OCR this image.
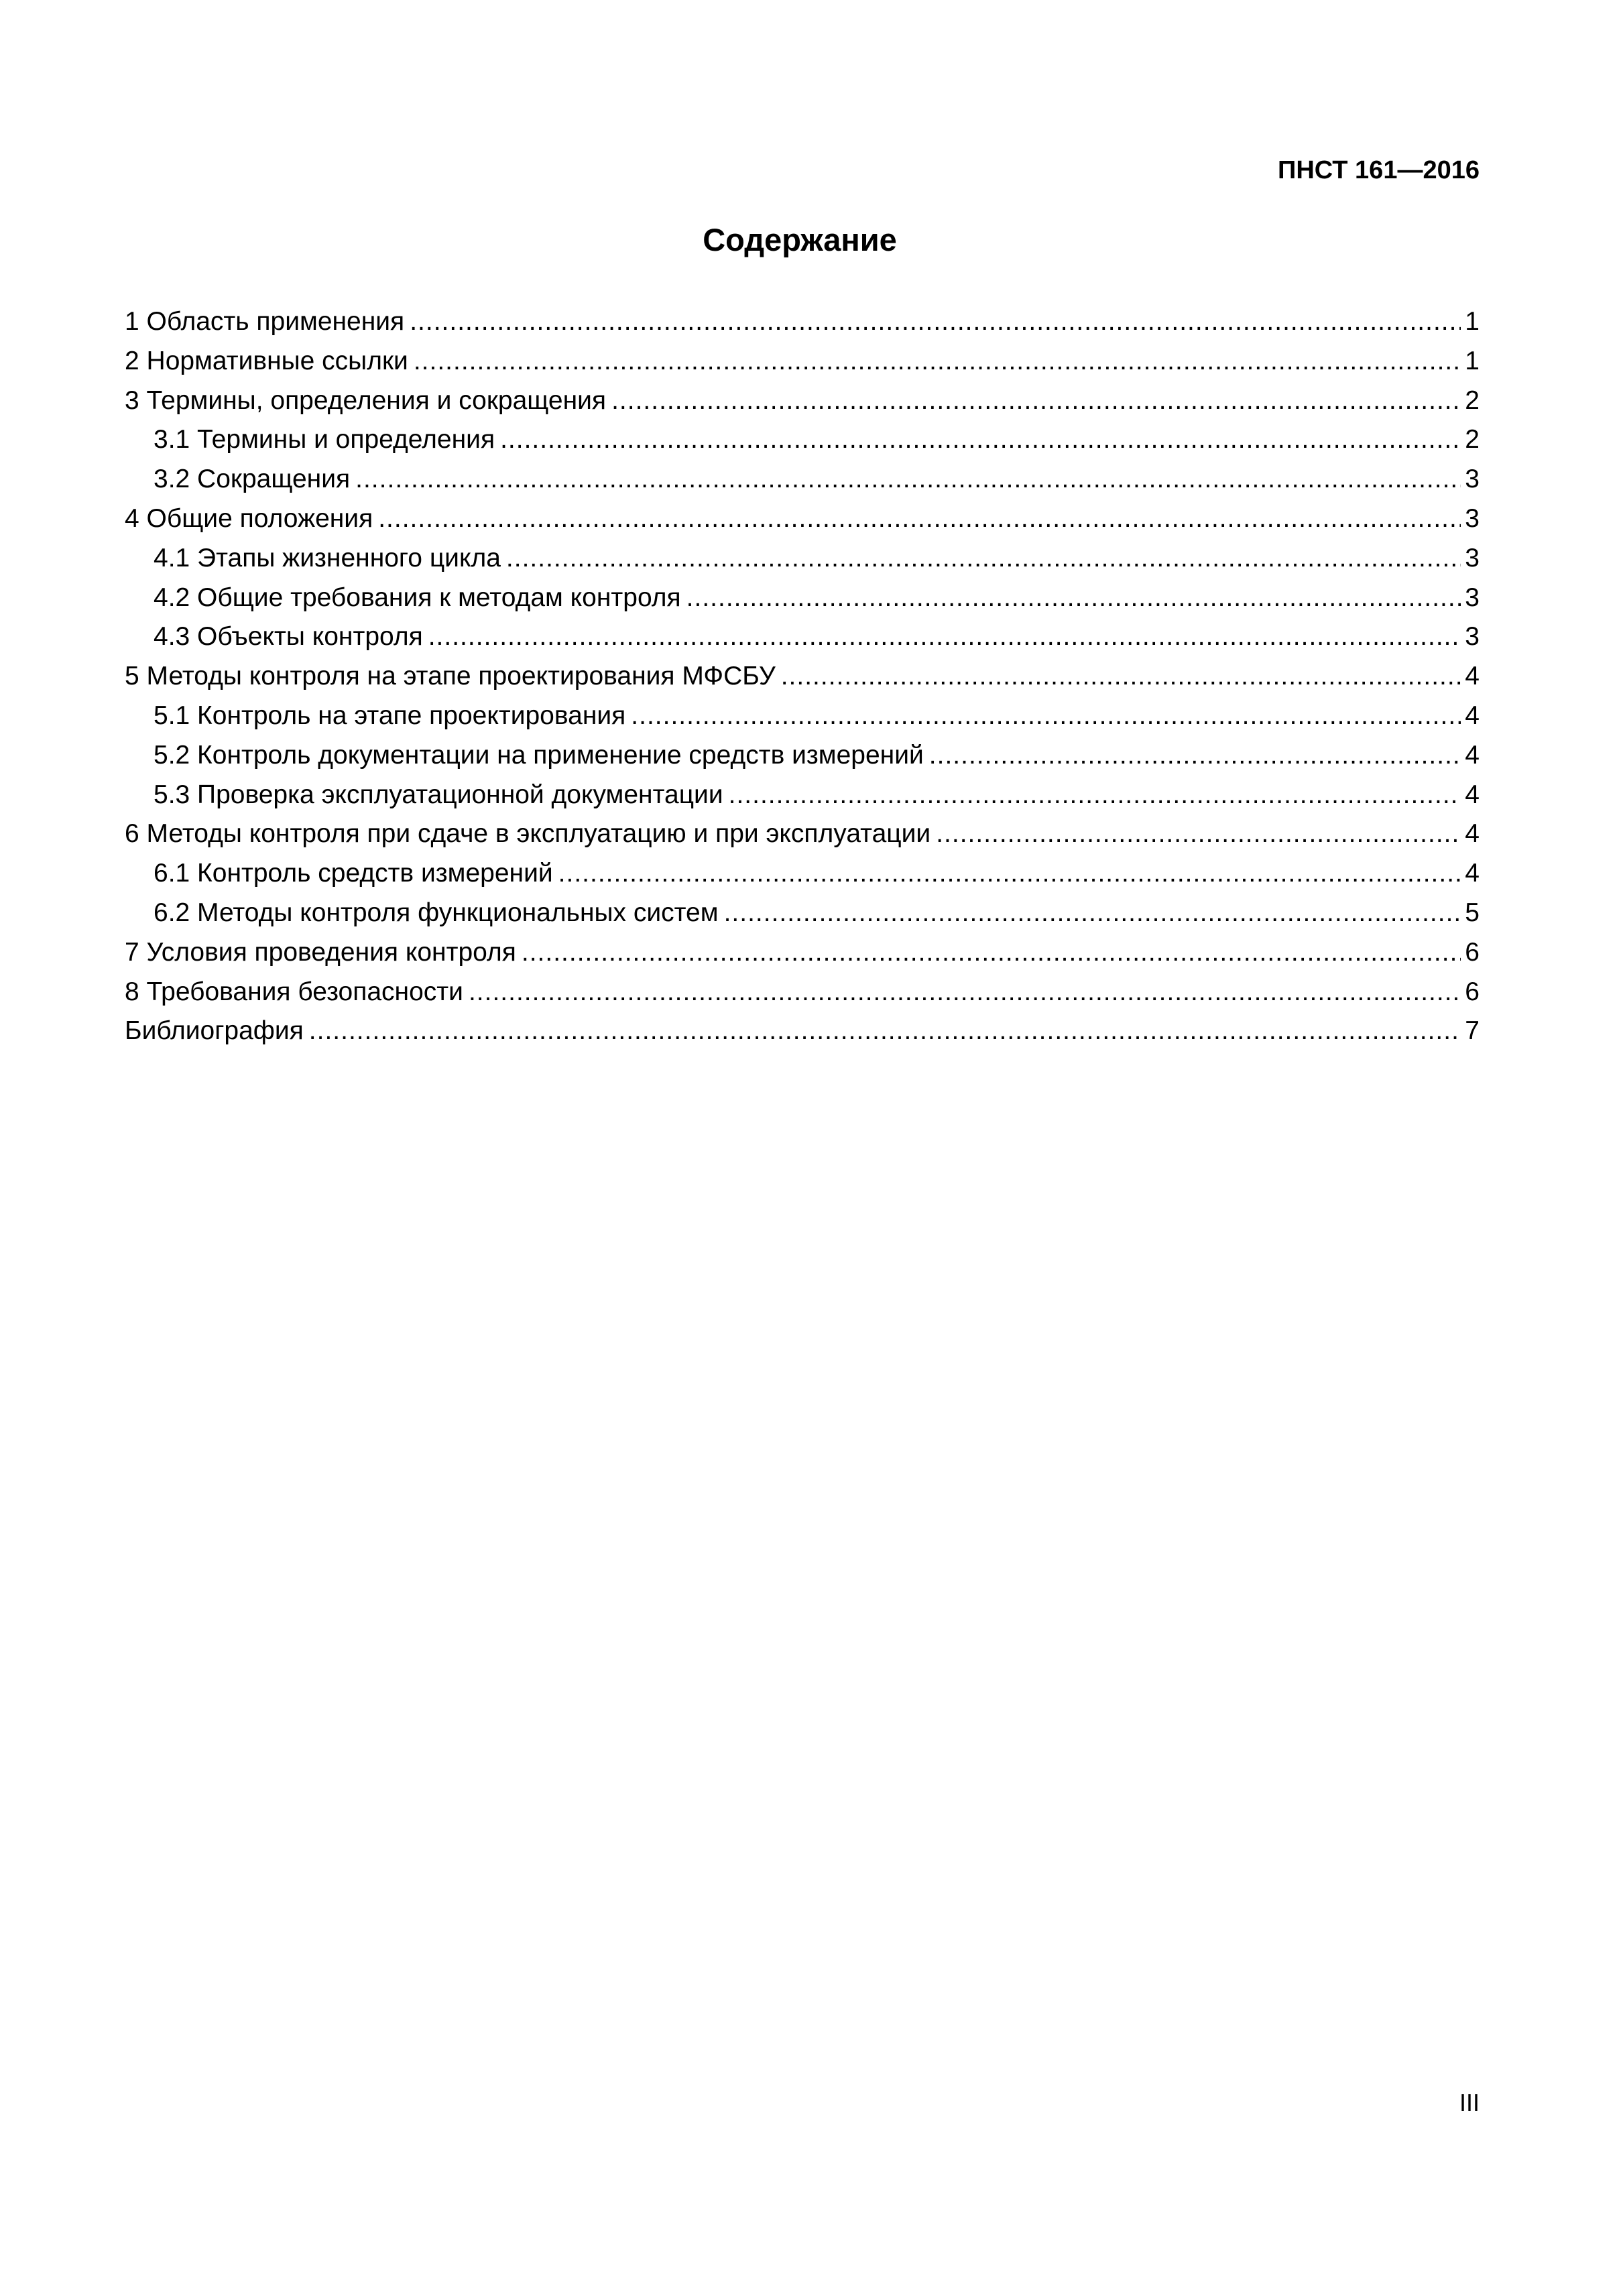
ПНСТ 161—2016
Содержание
1 Область применения .....	1
2 Нормативные ссылки .....	1
3 Термины, определения и сокращения .....	2
3.1 Термины и определения .....	2
3.2 Сокращения .....	3
4 Общие положения .....	3
4.1 Этапы жизненного цикла .....	3
4.2 Общие требования к методам контроля .....	3
4.3 Объекты контроля .....	3
5 Методы контроля на этапе проектирования МФСБУ .....	4
5.1 Контроль на этапе проектирования .....	4
5.2 Контроль документации на применение средств измерений .....	4
5.3 Проверка эксплуатационной документации .....	4
6 Методы контроля при сдаче в эксплуатацию и при эксплуатации .....	4
6.1 Контроль средств измерений .....	4
6.2 Методы контроля функциональных систем .....	5
7 Условия проведения контроля .....	6
8 Требования безопасности .....	6
Библиография .....	7
III
